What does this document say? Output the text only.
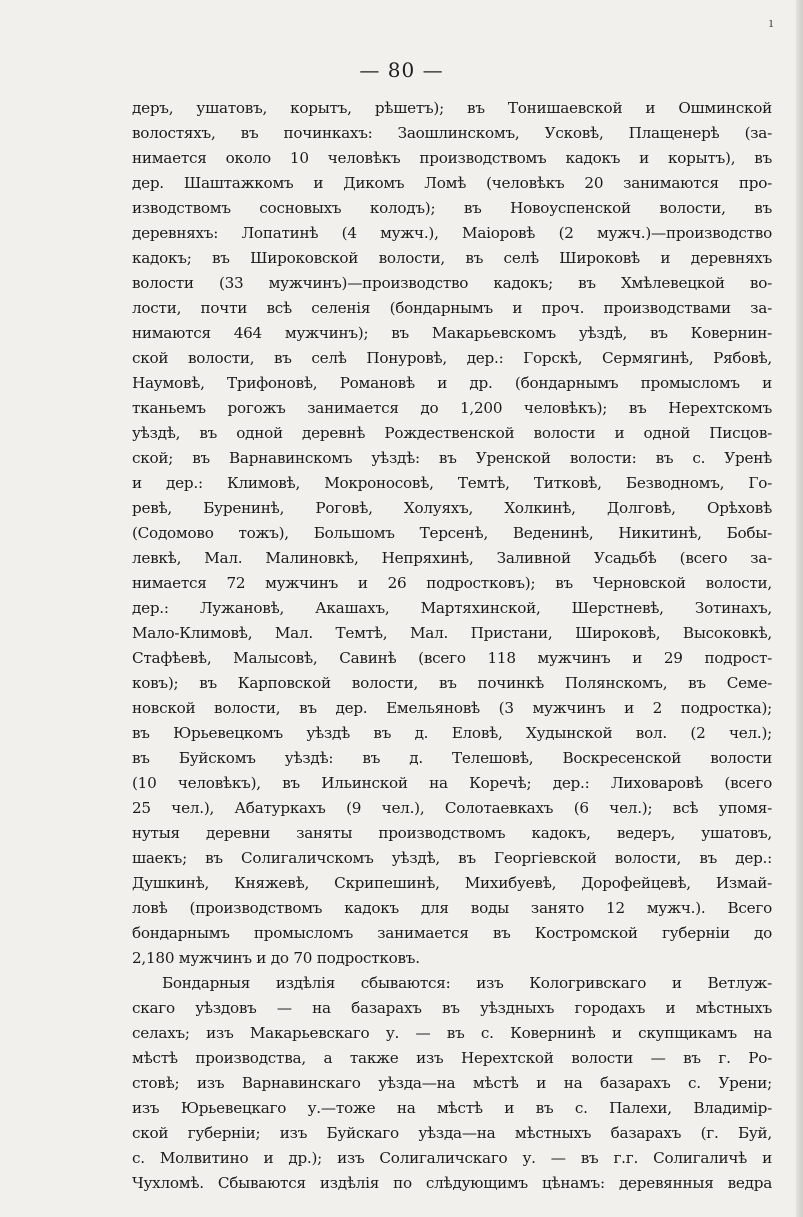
ı
— 80 —
деръ, ушатовъ, корытъ, рѣшетъ); въ Тонишаевской и Ошминской
волостяхъ, въ починкахъ: Заошлинскомъ, Усковѣ, Плащенерѣ (за-
нимается около 10 человѣкъ производствомъ кадокъ и корытъ), въ
дер. Шаштажкомъ и Дикомъ Ломѣ (человѣкъ 20 занимаются про-
изводствомъ сосновыхъ колодъ); въ Новоуспенской волости, въ
деревняхъ: Лопатинѣ (4 мужч.), Маіоровѣ (2 мужч.)—производство
кадокъ; въ Широковской волости, въ селѣ Широковѣ и деревняхъ
волости (33 мужчинъ)—производство кадокъ; въ Хмѣлевецкой во-
лости, почти всѣ селенія (бондарнымъ и проч. производствами за-
нимаются 464 мужчинъ); въ Макарьевскомъ уѣздѣ, въ Ковернин-
ской волости, въ селѣ Понуровѣ, дер.: Горскѣ, Сермягинѣ, Рябовѣ,
Наумовѣ, Трифоновѣ, Романовѣ и др. (бондарнымъ промысломъ и
тканьемъ рогожъ занимается до 1,200 человѣкъ); въ Нерехтскомъ
уѣздѣ, въ одной деревнѣ Рождественской волости и одной Писцов-
ской; въ Варнавинскомъ уѣздѣ: въ Уренской волости: въ с. Уренѣ
и дер.: Климовѣ, Мокроносовѣ, Темтѣ, Титковѣ, Безводномъ, Го-
ревѣ, Буренинѣ, Роговѣ, Холуяхъ, Холкинѣ, Долговѣ, Орѣховѣ
(Содомово тожъ), Большомъ Терсенѣ, Веденинѣ, Никитинѣ, Бобы-
левкѣ, Мал. Малиновкѣ, Непряхинѣ, Заливной Усадьбѣ (всего за-
нимается 72 мужчинъ и 26 подростковъ); въ Черновской волости,
дер.: Лужановѣ, Акашахъ, Мартяхинской, Шерстневѣ, Зотинахъ,
Мало-Климовѣ, Мал. Темтѣ, Мал. Пристани, Широковѣ, Высоковкѣ,
Стафѣевѣ, Малысовѣ, Савинѣ (всего 118 мужчинъ и 29 подрост-
ковъ); въ Карповской волости, въ починкѣ Полянскомъ, въ Семе-
новской волости, въ дер. Емельяновѣ (3 мужчинъ и 2 подростка);
въ Юрьевецкомъ уѣздѣ въ д. Еловѣ, Худынской вол. (2 чел.);
въ Буйскомъ уѣздѣ: въ д. Телешовѣ, Воскресенской волости
(10 человѣкъ), въ Ильинской на Коречѣ; дер.: Лиховаровѣ (всего
25 чел.), Абатуркахъ (9 чел.), Солотаевкахъ (6 чел.); всѣ упомя-
нутыя деревни заняты производствомъ кадокъ, ведеръ, ушатовъ,
шаекъ; въ Солигаличскомъ уѣздѣ, въ Георгіевской волости, въ дер.:
Душкинѣ, Княжевѣ, Скрипешинѣ, Михибуевѣ, Дорофейцевѣ, Измай-
ловѣ (производствомъ кадокъ для воды занято 12 мужч.). Всего
бондарнымъ промысломъ занимается въ Костромской губерніи до
2,180 мужчинъ и до 70 подростковъ.
Бондарныя издѣлія сбываются: изъ Кологривскаго и Ветлуж-
скаго уѣздовъ — на базарахъ въ уѣздныхъ городахъ и мѣстныхъ
селахъ; изъ Макарьевскаго у. — въ с. Ковернинѣ и скупщикамъ на
мѣстѣ производства, а также изъ Нерехтской волости — въ г. Ро-
стовѣ; изъ Варнавинскаго уѣзда—на мѣстѣ и на базарахъ с. Урени;
изъ Юрьевецкаго у.—тоже на мѣстѣ и въ с. Палехи, Владимір-
ской губерніи; изъ Буйскаго уѣзда—на мѣстныхъ базарахъ (г. Буй,
с. Молвитино и др.); изъ Солигаличскаго у. — въ г.г. Солигаличѣ и
Чухломѣ. Сбываются издѣлія по слѣдующимъ цѣнамъ: деревянныя ведра
